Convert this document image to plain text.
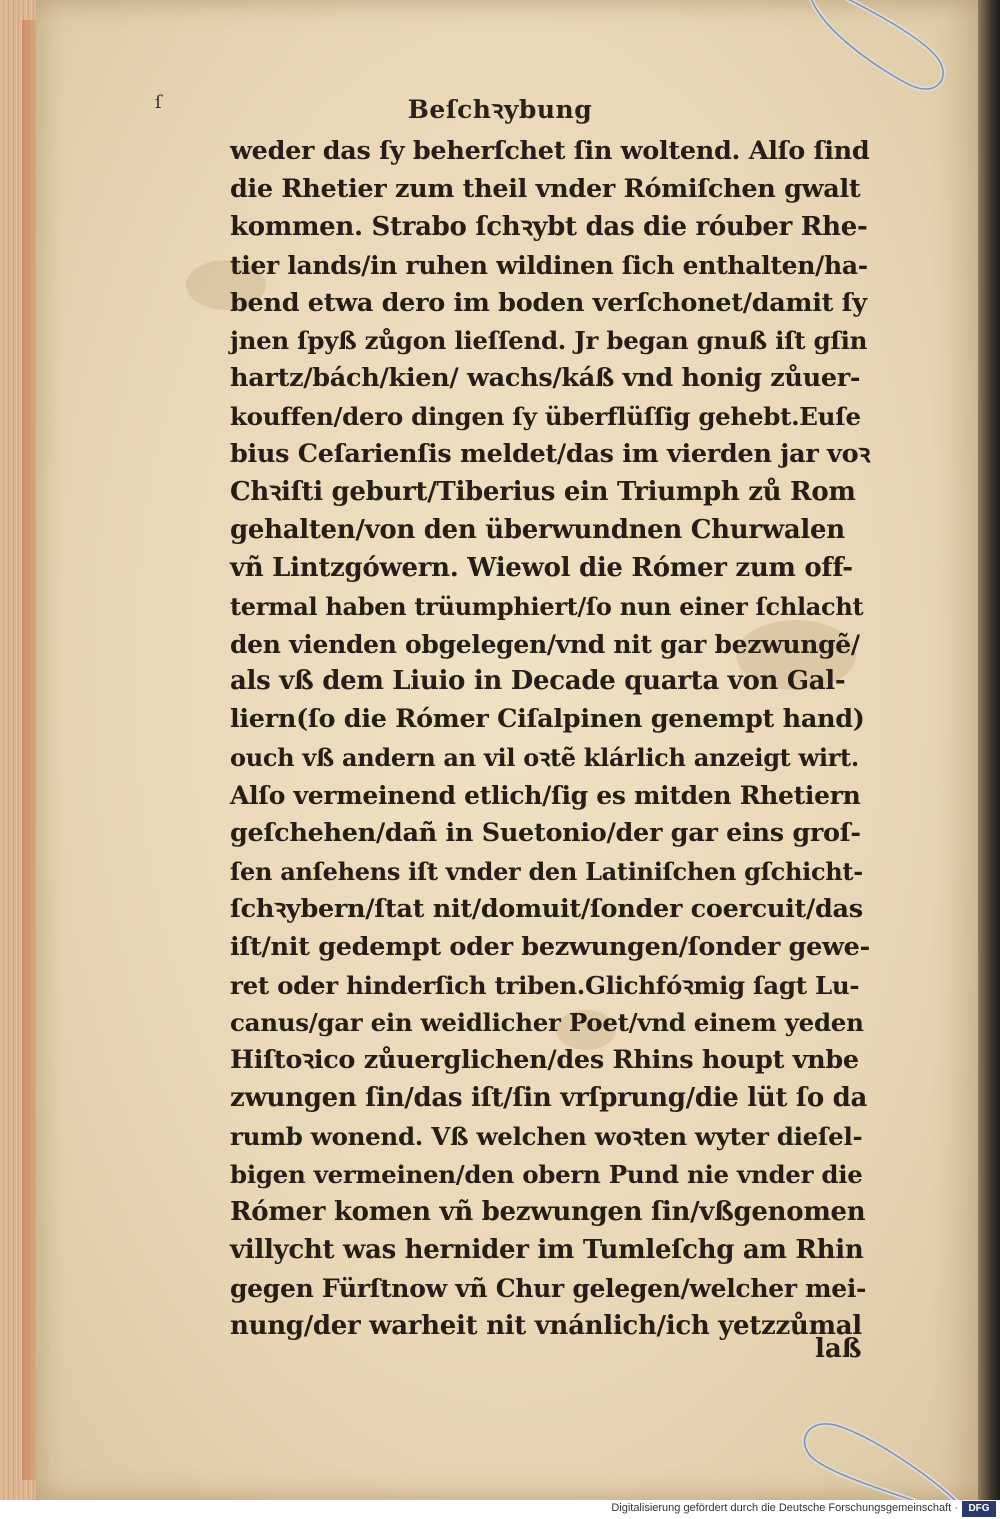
ſ	Beſchꝛybung
weder das ſy beherſchet ſin woltend. Alſo ſind
die Rhetier zum theil vnder Rómiſchen gwalt
kommen. Strabo ſchꝛybt das die róuber Rhe-
tier lands/in ruhen wildinen ſich enthalten/ha-
bend etwa dero im boden verſchonet/damit ſy
jnen ſpyß zůgon lieſſend. Jr began gnuß iſt gſin
hartz/bách/kien/ wachs/káß vnd honig zůuer-
kouffen/dero dingen ſy überflüſſig gehebt.Euſe
bius Ceſarienſis meldet/das im vierden jar voꝛ
Chꝛiſti geburt/Tiberius ein Triumph zů Rom
gehalten/von den überwundnen Churwalen
vñ Lintzgówern. Wiewol die Rómer zum off-
termal haben trüumphiert/ſo nun einer ſchlacht
den vienden obgelegen/vnd nit gar bezwungẽ/
als vß dem Liuio in Decade quarta von Gal-
liern(ſo die Rómer Ciſalpinen genempt hand)
ouch vß andern an vil oꝛtẽ klárlich anzeigt wirt.
Alſo vermeinend etlich/ſig es mitden Rhetiern
geſchehen/dañ in Suetonio/der gar eins groſ-
ſen anſehens iſt vnder den Latiniſchen gſchicht-
ſchꝛybern/ſtat nit/domuit/ſonder coercuit/das
iſt/nit gedempt oder bezwungen/ſonder gewe-
ret oder hinderſich triben.Glichfóꝛmig ſagt Lu-
canus/gar ein weidlicher Poet/vnd einem yeden
Hiſtoꝛico zůuerglichen/des Rhins houpt vnbe
zwungen ſin/das iſt/ſin vrſprung/die lüt ſo da
rumb wonend. Vß welchen woꝛten wyter dieſel-
bigen vermeinen/den obern Pund nie vnder die
Rómer komen vñ bezwungen ſin/vßgenomen
villycht was hernider im Tumleſchg am Rhin
gegen Fürſtnow vñ Chur gelegen/welcher mei-
nung/der warheit nit vnánlich/ich yetzzůmal
laß
Digitalisierung gefördert durch die Deutsche Forschungsgemeinschaft ·	DFG
